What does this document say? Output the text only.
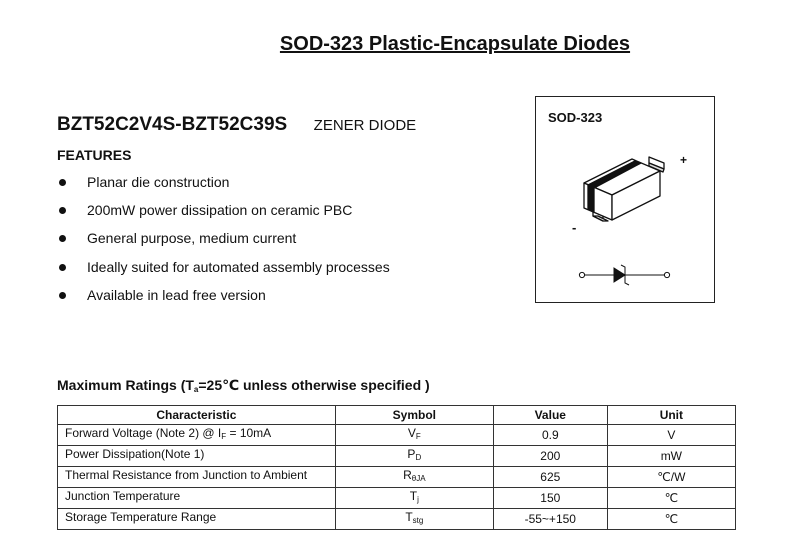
SOD-323 Plastic-Encapsulate Diodes
BZT52C2V4S-BZT52C39S ZENER DIODE
FEATURES
Planar die construction
200mW power dissipation on ceramic PBC
General purpose, medium current
Ideally suited for automated assembly processes
Available in lead free version
SOD-323
+
-
Maximum Ratings ($T_a=25℃$ unless otherwise specified )
Characteristic	Symbol	Value	Unit
Forward Voltage (Note 2) @ $I_F = 10mA$	$V_F$	0.9	V
Power Dissipation(Note 1)	$P_D$	200	mW
Thermal Resistance from Junction to Ambient	$R_{\theta JA}$	625	℃/W
Junction Temperature	$T_j$	150	℃
Storage Temperature Range	$T_{stg}$	-55~+150	℃
